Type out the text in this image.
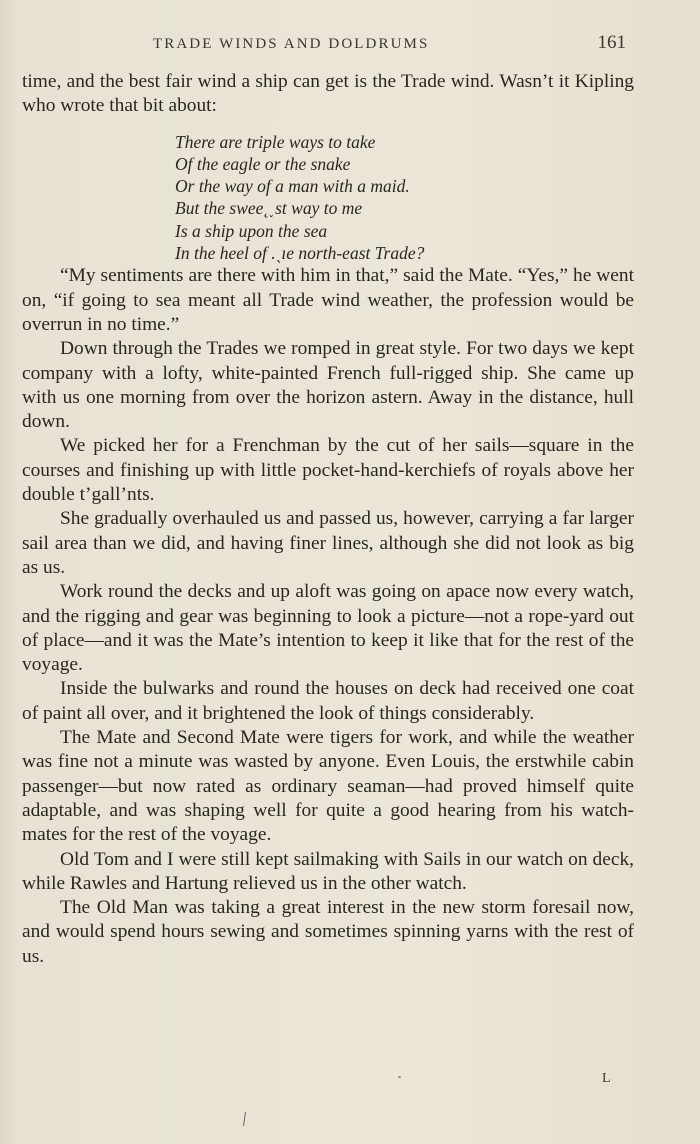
TRADE WINDS AND DOLDRUMS	161

time, and the best fair wind a ship can get is the Trade wind. Wasn’t it Kipling who wrote that bit about:

There are triple ways to take
Of the eagle or the snake
Or the way of a man with a maid.
But the swee˛˯st way to me
Is a ship upon the sea
In the heel of .ˎıe north-east Trade?

“My sentiments are there with him in that,” said the Mate. “Yes,” he went on, “if going to sea meant all Trade wind weather, the profession would be overrun in no time.”

Down through the Trades we romped in great style. For two days we kept company with a lofty, white-painted French full-rigged ship. She came up with us one morning from over the horizon astern. Away in the distance, hull down.

We picked her for a Frenchman by the cut of her sails—square in the courses and finishing up with little pocket-hand-kerchiefs of royals above her double t’gall’nts.

She gradually overhauled us and passed us, however, carrying a far larger sail area than we did, and having finer lines, although she did not look as big as us.

Work round the decks and up aloft was going on apace now every watch, and the rigging and gear was beginning to look a picture—not a rope-yard out of place—and it was the Mate’s intention to keep it like that for the rest of the voyage.

Inside the bulwarks and round the houses on deck had received one coat of paint all over, and it brightened the look of things considerably.

The Mate and Second Mate were tigers for work, and while the weather was fine not a minute was wasted by anyone. Even Louis, the erstwhile cabin passenger—but now rated as ordinary seaman—had proved himself quite adaptable, and was shaping well for quite a good hearing from his watch-mates for the rest of the voyage.

Old Tom and I were still kept sailmaking with Sails in our watch on deck, while Rawles and Hartung relieved us in the other watch.

The Old Man was taking a great interest in the new storm foresail now, and would spend hours sewing and sometimes spinning yarns with the rest of us.

L
